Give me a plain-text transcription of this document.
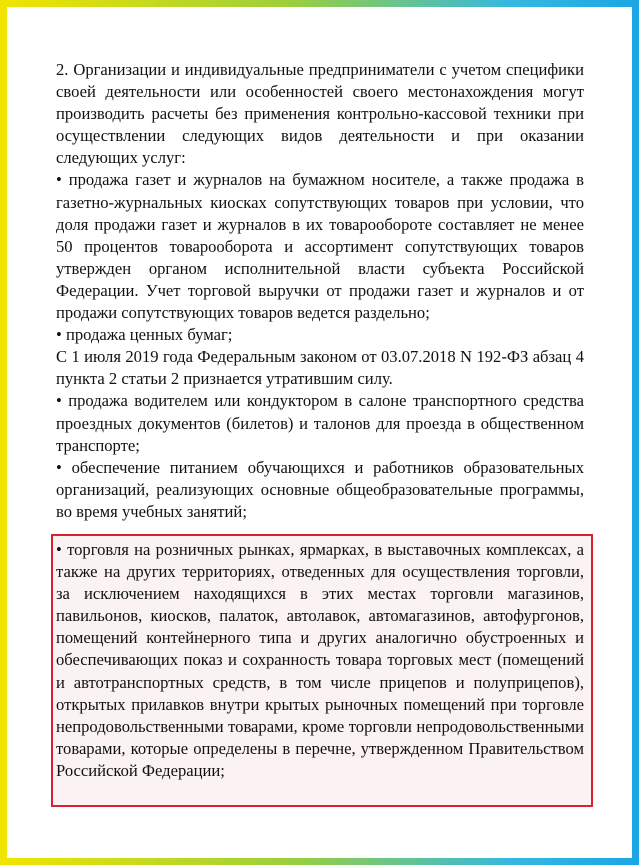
2. Организации и индивидуальные предприниматели с учетом специфики своей деятельности или особенностей своего местонахождения могут производить расчеты без применения контрольно-кассовой техники при осуществлении следующих видов деятельности и при оказании следующих услуг:

• продажа газет и журналов на бумажном носителе, а также продажа в газетно-журнальных киосках сопутствующих товаров при условии, что доля продажи газет и журналов в их товарообороте составляет не менее 50 процентов товарооборота и ассортимент сопутствующих товаров утвержден органом исполнительной власти субъекта Российской Федерации. Учет торговой выручки от продажи газет и журналов и от продажи сопутствующих товаров ведется раздельно;

• продажа ценных бумаг;

С 1 июля 2019 года Федеральным законом от 03.07.2018 N 192-ФЗ абзац 4 пункта 2 статьи 2 признается утратившим силу.

• продажа водителем или кондуктором в салоне транспортного средства проездных документов (билетов) и талонов для проезда в общественном транспорте;

• обеспечение питанием обучающихся и работников образовательных организаций, реализующих основные общеобразовательные программы, во время учебных занятий;

• торговля на розничных рынках, ярмарках, в выставочных комплексах, а также на других территориях, отведенных для осуществления торговли, за исключением находящихся в этих местах торговли магазинов, павильонов, киосков, палаток, автолавок, автомагазинов, автофургонов, помещений контейнерного типа и других аналогично обустроенных и обеспечивающих показ и сохранность товара торговых мест (помещений и автотранспортных средств, в том числе прицепов и полуприцепов), открытых прилавков внутри крытых рыночных помещений при торговле непродовольственными товарами, кроме торговли непродовольственными товарами, которые определены в перечне, утвержденном Правительством Российской Федерации;
